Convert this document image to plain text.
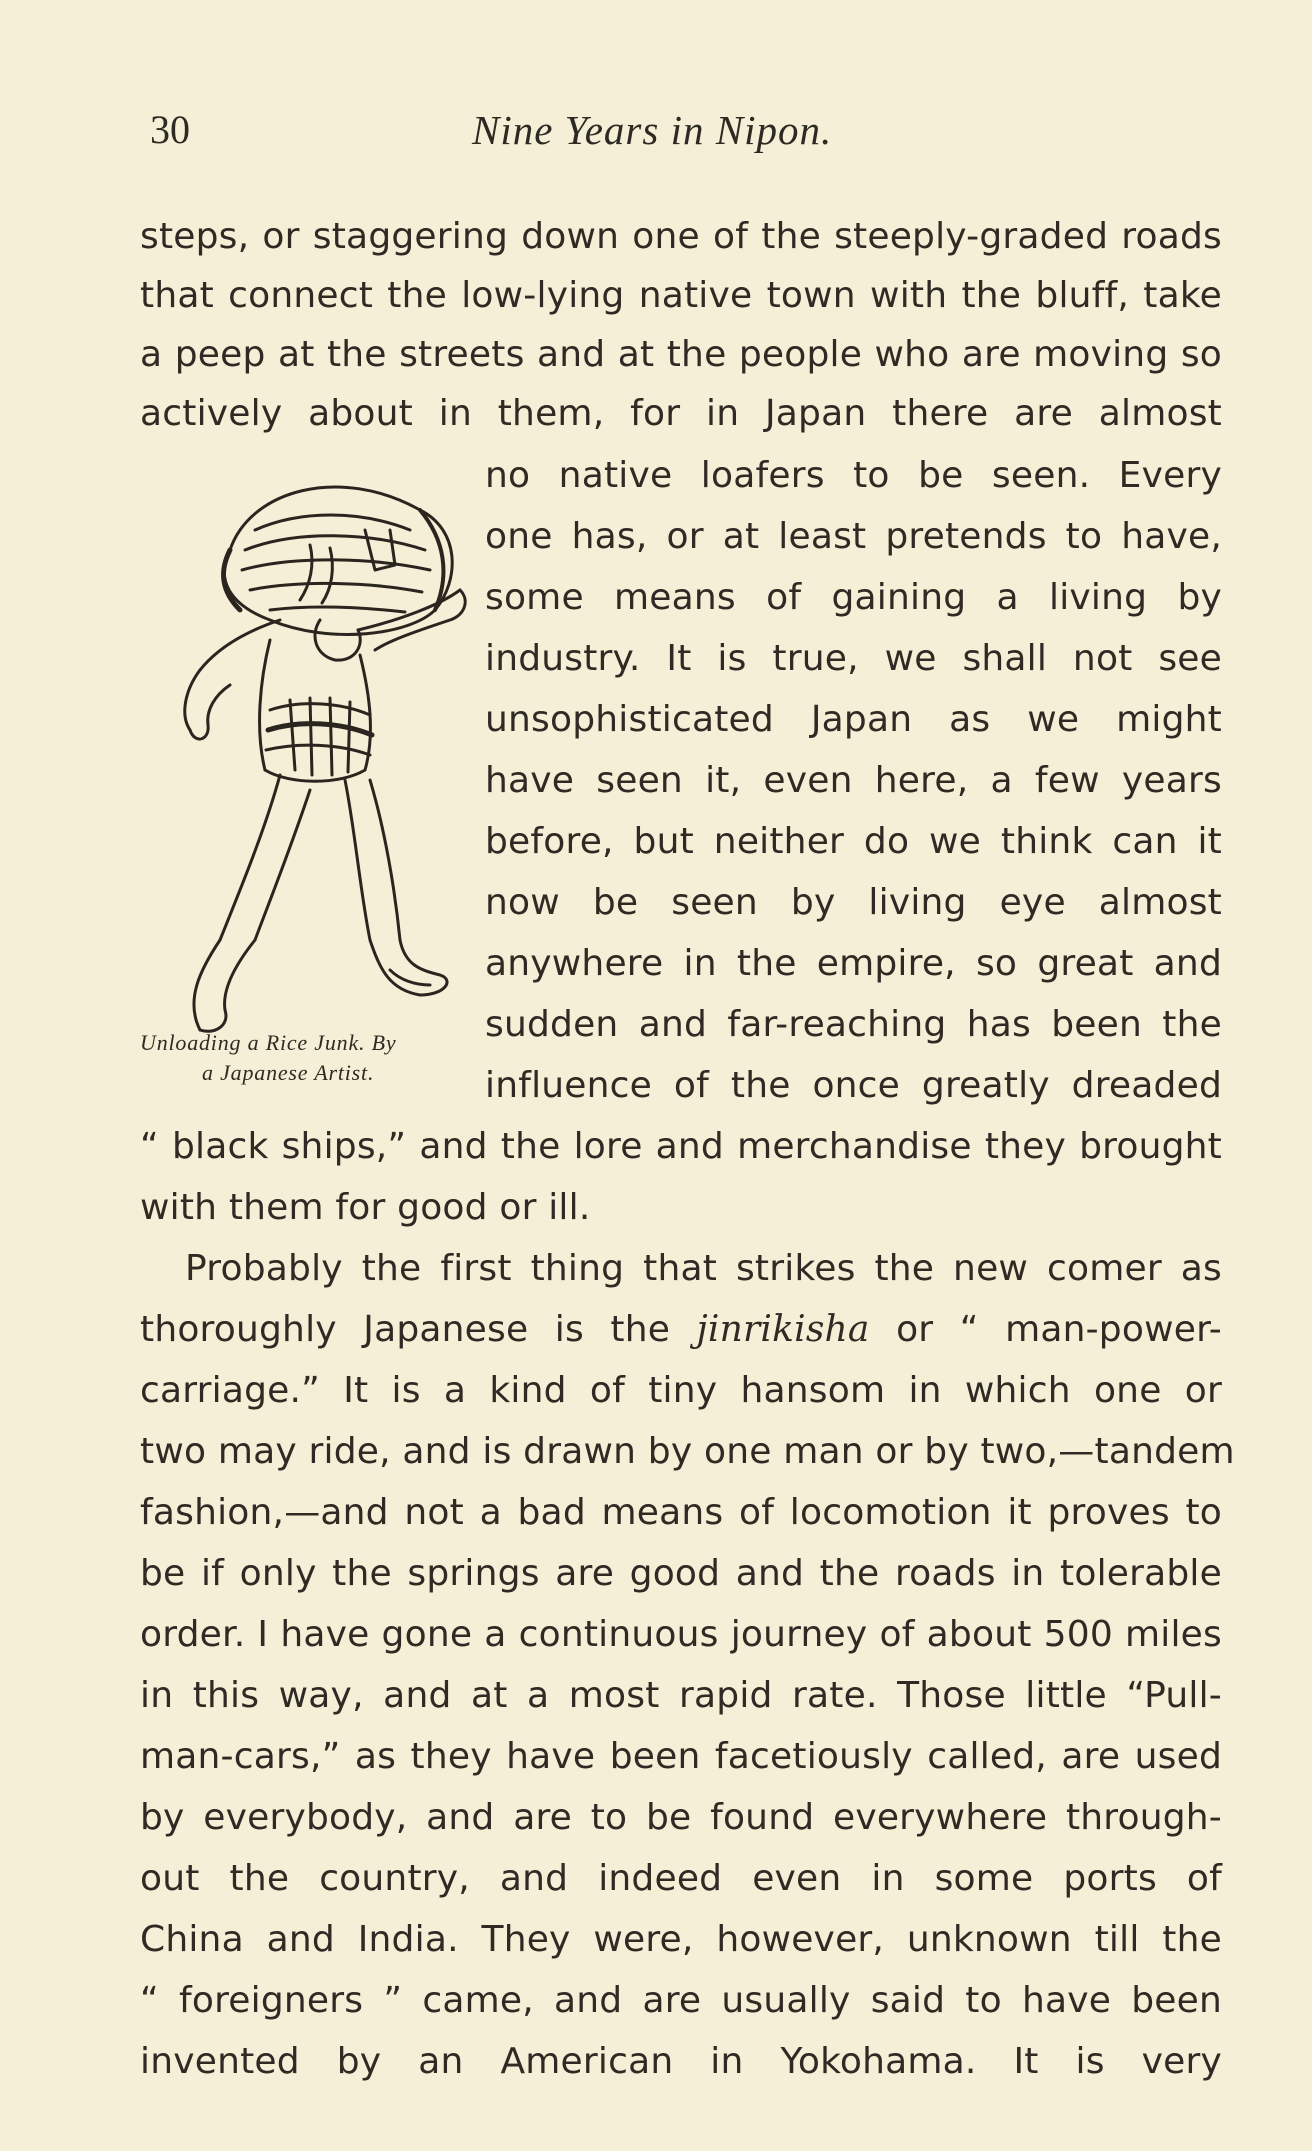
30	Nine Years in Nipon.
steps, or staggering down one of the steeply-graded roads
that connect the low-lying native town with the bluff, take
a peep at the streets and at the people who are moving so
actively about in them, for in Japan there are almost
no native loafers to be seen. Every
one has, or at least pretends to have,
some means of gaining a living by
industry. It is true, we shall not see
unsophisticated Japan as we might
have seen it, even here, a few years
before, but neither do we think can it
now be seen by living eye almost
anywhere in the empire, so great and
sudden and far-reaching has been the
influence of the once greatly dreaded
“ black ships,” and the lore and merchandise they brought
with them for good or ill.
Probably the first thing that strikes the new comer as
thoroughly Japanese is the jinrikisha or “ man-power-
carriage.” It is a kind of tiny hansom in which one or
two may ride, and is drawn by one man or by two,—tandem
fashion,—and not a bad means of locomotion it proves to
be if only the springs are good and the roads in tolerable
order. I have gone a continuous journey of about 500 miles
in this way, and at a most rapid rate. Those little “Pull-
man-cars,” as they have been facetiously called, are used
by everybody, and are to be found everywhere through-
out the country, and indeed even in some ports of
China and India. They were, however, unknown till the
“ foreigners ” came, and are usually said to have been
invented by an American in Yokohama. It is very
Unloading a Rice Junk. By
a Japanese Artist.
